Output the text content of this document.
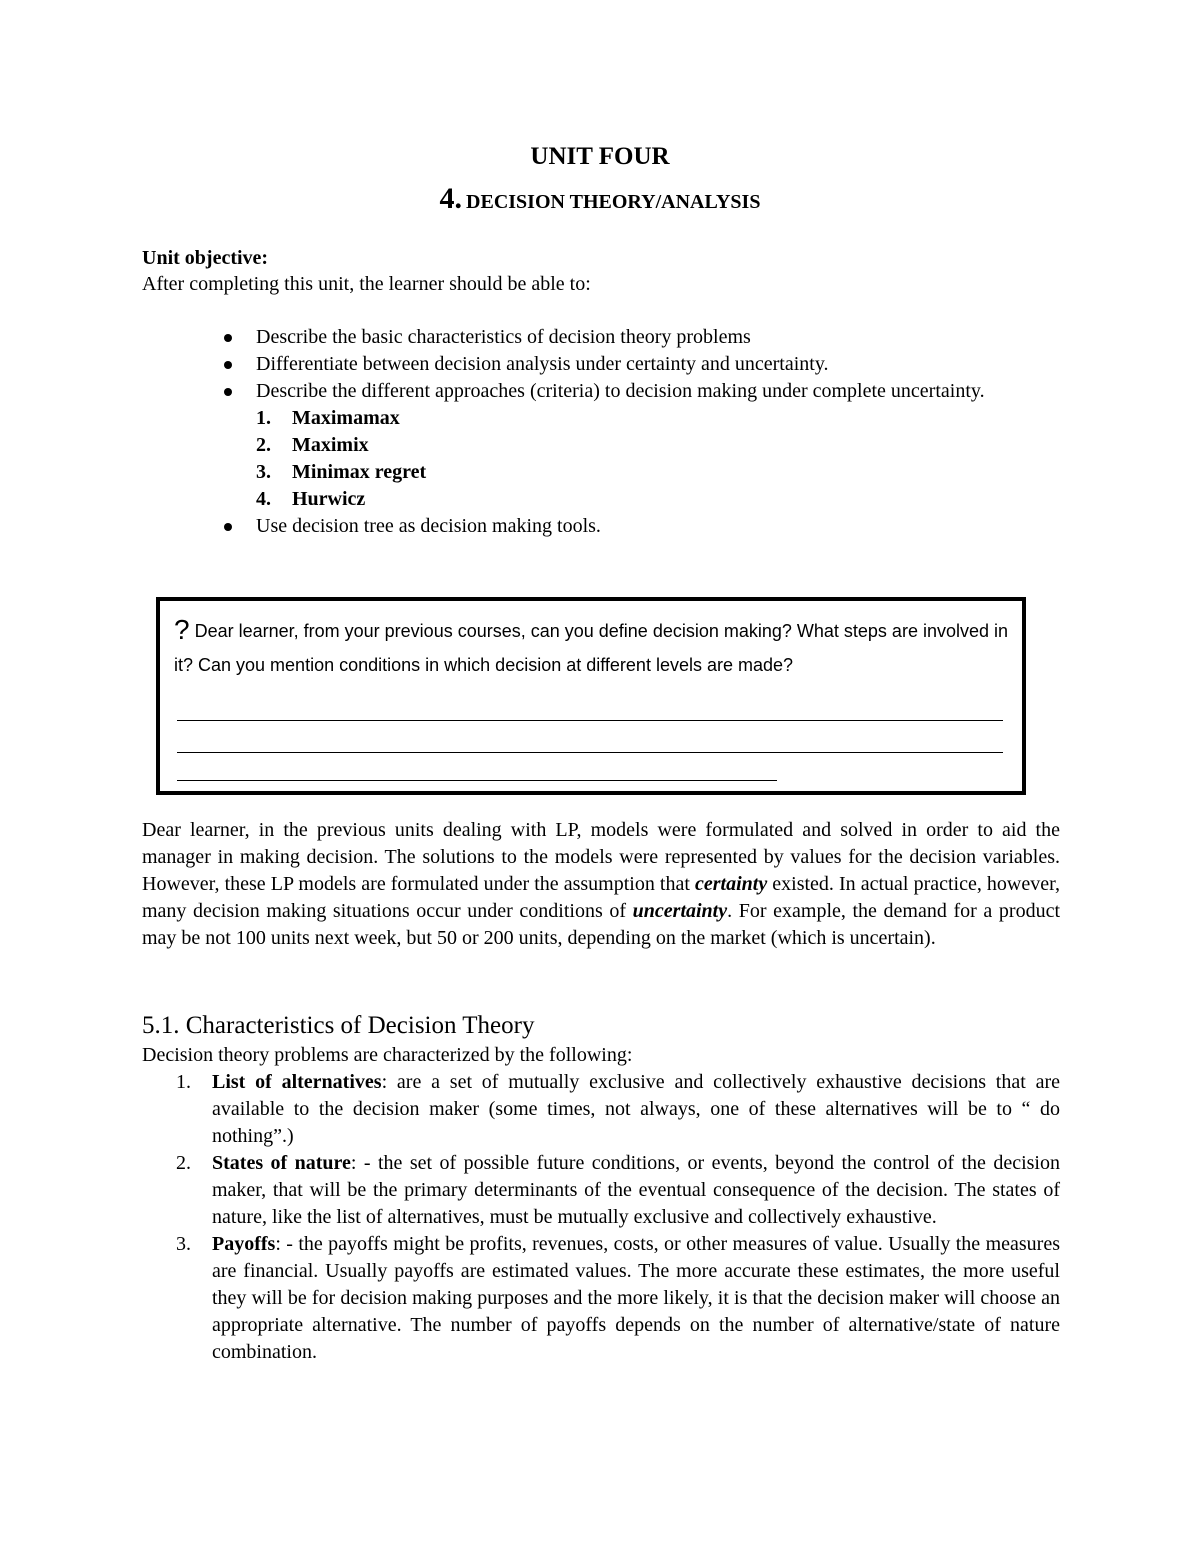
UNIT FOUR
4. DECISION THEORY/ANALYSIS
Unit objective:
After completing this unit, the learner should be able to:
Describe the basic characteristics of decision theory problems
Differentiate between decision analysis under certainty and uncertainty.
Describe the different approaches (criteria) to decision making under complete uncertainty.
1. Maximamax
2. Maximix
3. Minimax regret
4. Hurwicz
Use decision tree as decision making tools.
? Dear learner, from your previous courses, can you define decision making? What steps are involved in it? Can you mention conditions in which decision at different levels are made?

Dear learner, in the previous units dealing with LP, models were formulated and solved in order to aid the manager in making decision. The solutions to the models were represented by values for the decision variables. However, these LP models are formulated under the assumption that certainty existed. In actual practice, however, many decision making situations occur under conditions of uncertainty. For example, the demand for a product may be not 100 units next week, but 50 or 200 units, depending on the market (which is uncertain).

5.1. Characteristics of Decision Theory
Decision theory problems are characterized by the following:
1. List of alternatives: are a set of mutually exclusive and collectively exhaustive decisions that are available to the decision maker (some times, not always, one of these alternatives will be to “ do nothing”.)
2. States of nature: - the set of possible future conditions, or events, beyond the control of the decision maker, that will be the primary determinants of the eventual consequence of the decision. The states of nature, like the list of alternatives, must be mutually exclusive and collectively exhaustive.
3. Payoffs: - the payoffs might be profits, revenues, costs, or other measures of value. Usually the measures are financial. Usually payoffs are estimated values. The more accurate these estimates, the more useful they will be for decision making purposes and the more likely, it is that the decision maker will choose an appropriate alternative. The number of payoffs depends on the number of alternative/state of nature combination.
